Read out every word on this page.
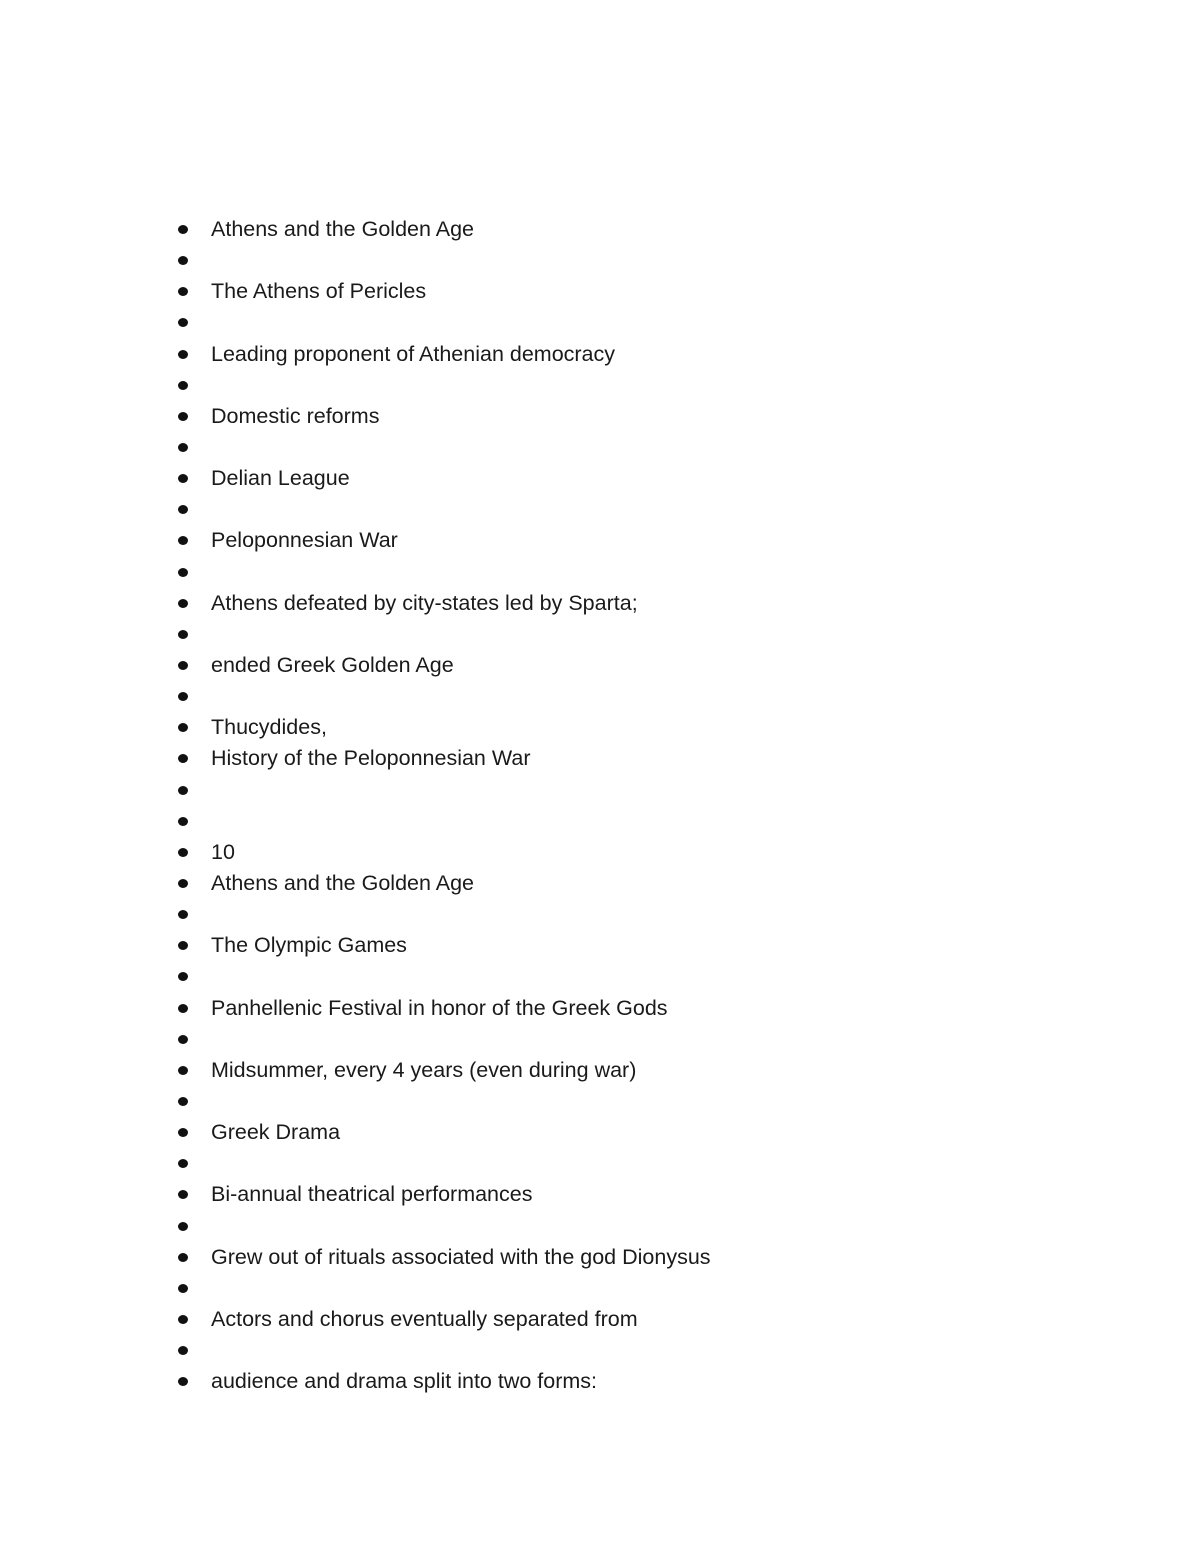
Athens and the Golden Age
The Athens of Pericles
Leading proponent of Athenian democracy
Domestic reforms
Delian League
Peloponnesian War
Athens defeated by city-states led by Sparta;
ended Greek Golden Age
Thucydides,
History of the Peloponnesian War
10
Athens and the Golden Age
The Olympic Games
Panhellenic Festival in honor of the Greek Gods
Midsummer, every 4 years (even during war)
Greek Drama
Bi-annual theatrical performances
Grew out of rituals associated with the god Dionysus
Actors and chorus eventually separated from
audience and drama split into two forms:
